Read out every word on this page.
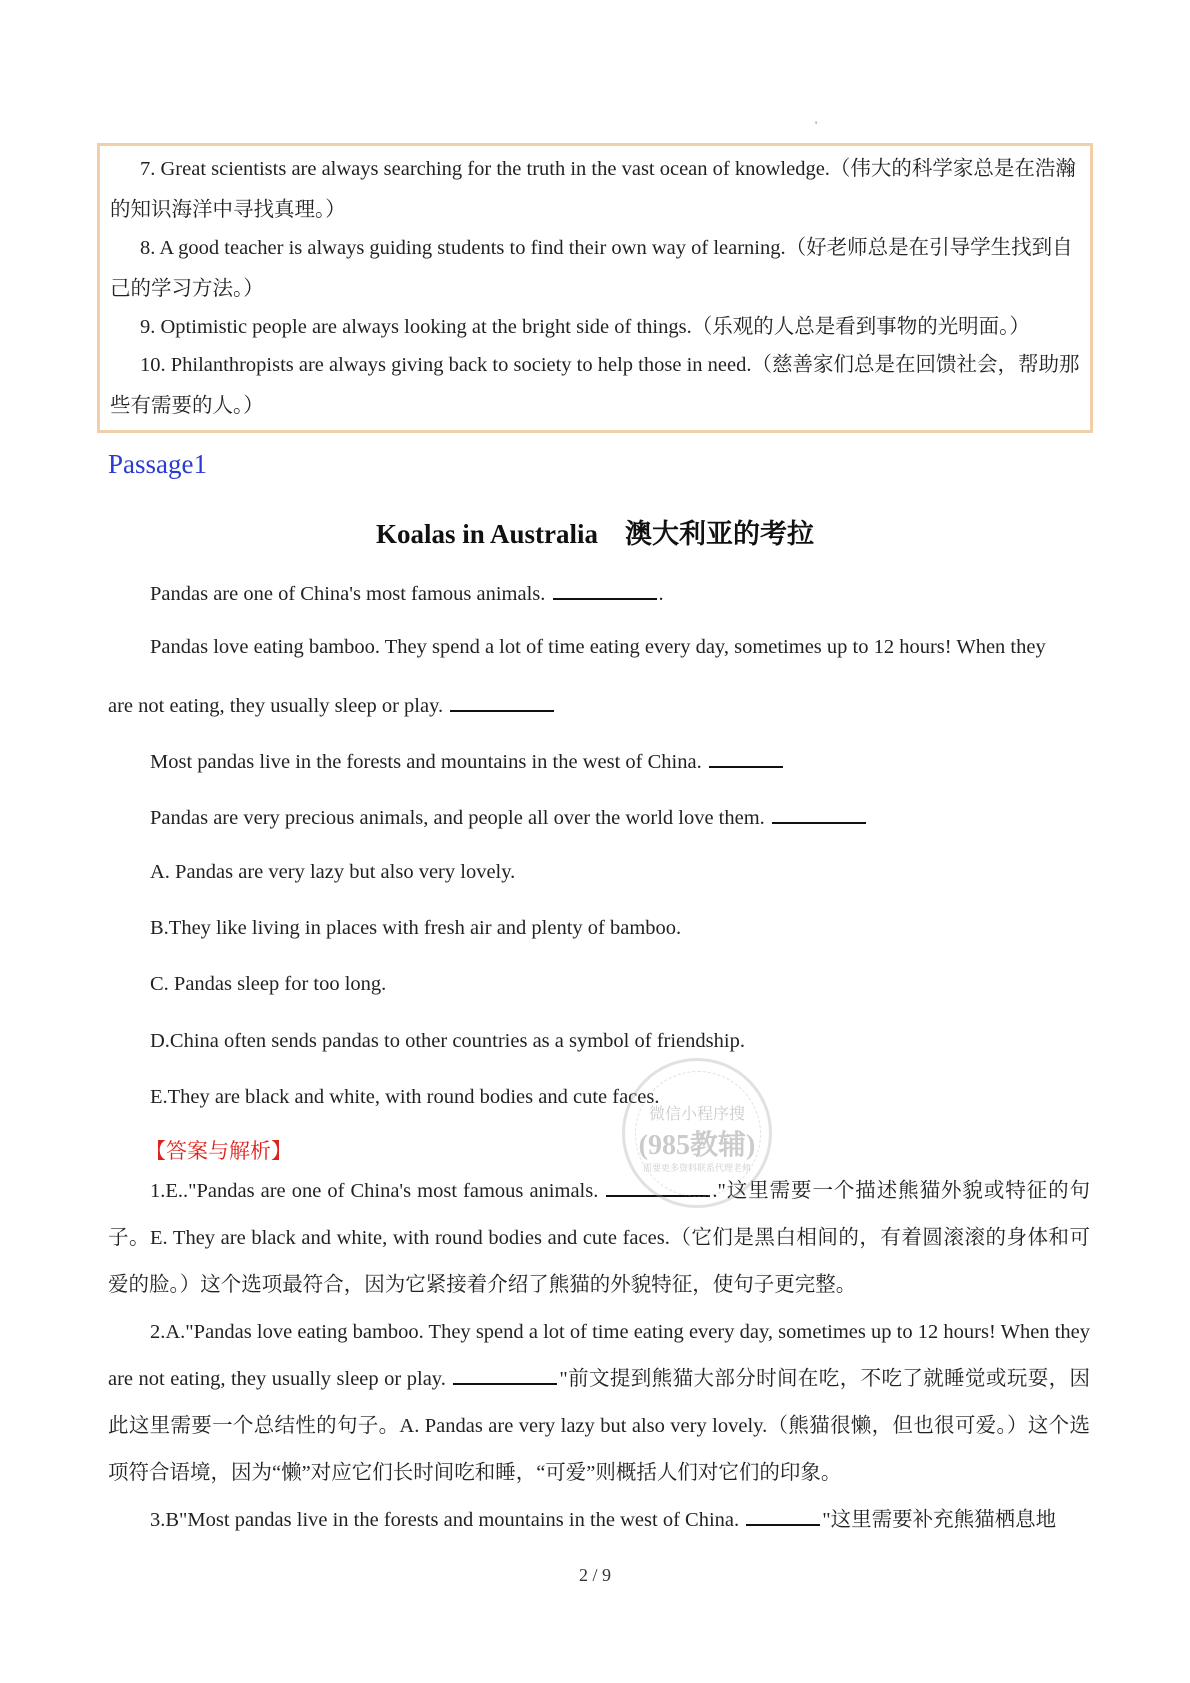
'

7. Great scientists are always searching for the truth in the vast ocean of knowledge.（伟大的科学家总是在浩瀚的知识海洋中寻找真理。）

8. A good teacher is always guiding students to find their own way of learning.（好老师总是在引导学生找到自己的学习方法。）

9. Optimistic people are always looking at the bright side of things.（乐观的人总是看到事物的光明面。）

10. Philanthropists are always giving back to society to help those in need.（慈善家们总是在回馈社会，帮助那些有需要的人。）

Passage1
Koalas in Australia　澳大利亚的考拉
Pandas are one of China's most famous animals.	.
Pandas love eating bamboo. They spend a lot of time eating every day, sometimes up to 12 hours! When they
are not eating, they usually sleep or play.
Most pandas live in the forests and mountains in the west of China.
Pandas are very precious animals, and people all over the world love them.
A. Pandas are very lazy but also very lovely.
B.They like living in places with fresh air and plenty of bamboo.
C. Pandas sleep for too long.
D.China often sends pandas to other countries as a symbol of friendship.
E.They are black and white, with round bodies and cute faces.
【答案与解析】
1.E.."Pandas are one of China's most famous animals.	."这里需要一个描述熊猫外貌或特征的句子。E. They are black and white, with round bodies and cute faces.（它们是黑白相间的，有着圆滚滚的身体和可爱的脸。）这个选项最符合，因为它紧接着介绍了熊猫的外貌特征，使句子更完整。
2.A."Pandas love eating bamboo. They spend a lot of time eating every day, sometimes up to 12 hours! When they are not eating, they usually sleep or play.	"前文提到熊猫大部分时间在吃，不吃了就睡觉或玩耍，因此这里需要一个总结性的句子。A. Pandas are very lazy but also very lovely.（熊猫很懒，但也很可爱。）这个选项符合语境，因为“懒”对应它们长时间吃和睡，“可爱”则概括人们对它们的印象。
3.B"Most pandas live in the forests and mountains in the west of China.	"这里需要补充熊猫栖息地
微信小程序搜
(985教辅)
需要更多资料联系代理老师
2 / 9
